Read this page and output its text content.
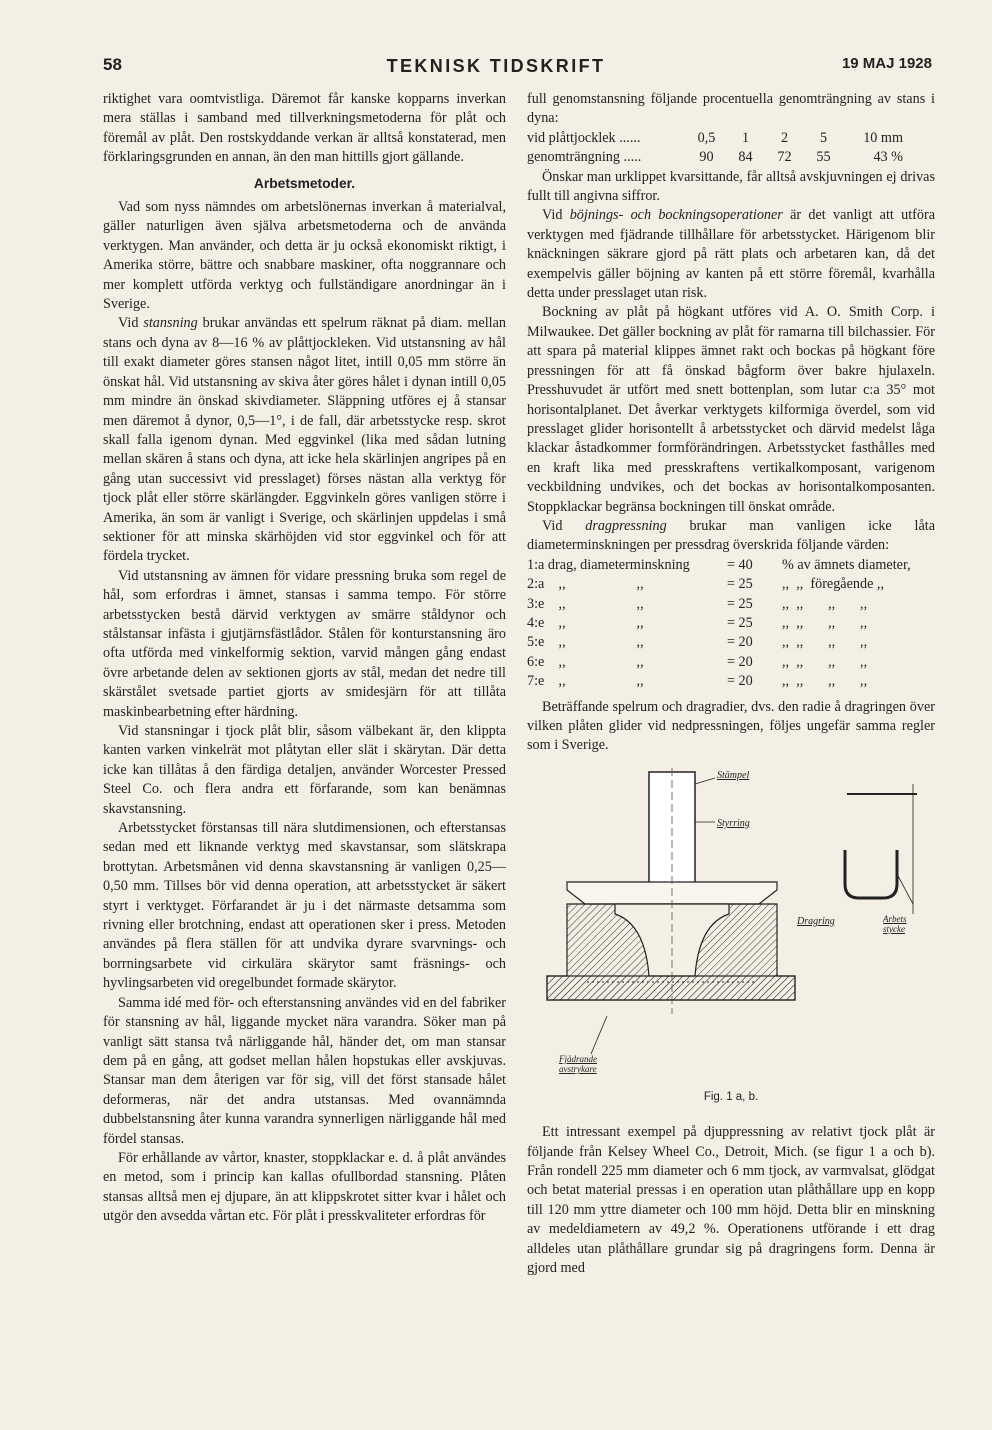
58	TEKNISK TIDSKRIFT	19 MAJ 1928

riktighet vara oomtvistliga. Däremot får kanske kopparns inverkan mera ställas i samband med tillverkningsmetoderna för plåt och föremål av plåt. Den rostskyddande verkan är alltså konstaterad, men förklaringsgrunden en annan, än den man hittills gjort gällande.

Arbetsmetoder.

Vad som nyss nämndes om arbetslönernas inverkan å materialval, gäller naturligen även själva arbetsmetoderna och de använda verktygen. Man använder, och detta är ju också ekonomiskt riktigt, i Amerika större, bättre och snabbare maskiner, ofta noggrannare och mer komplett utförda verktyg och fullständigare anordningar än i Sverige.

Vid stansning brukar användas ett spelrum räknat på diam. mellan stans och dyna av 8—16 % av plåttjockleken. Vid utstansning av hål till exakt diameter göres stansen något litet, intill 0,05 mm större än önskat hål. Vid utstansning av skiva åter göres hålet i dynan intill 0,05 mm mindre än önskad skivdiameter. Släppning utföres ej å stansar men däremot å dynor, 0,5—1°, i de fall, där arbetsstycke resp. skrot skall falla igenom dynan. Med eggvinkel (lika med sådan lutning mellan skären å stans och dyna, att icke hela skärlinjen angripes på en gång utan successivt vid presslaget) förses nästan alla verktyg för tjock plåt eller större skärlängder. Eggvinkeln göres vanligen större i Amerika, än som är vanligt i Sverige, och skärlinjen uppdelas i små sektioner för att minska skärhöjden vid stor eggvinkel och för att fördela trycket.

Vid utstansning av ämnen för vidare pressning bruka som regel de hål, som erfordras i ämnet, stansas i samma tempo. För större arbetsstycken bestå därvid verktygen av smärre ståldynor och stålstansar infästa i gjutjärnsfästlådor. Stålen för konturstansning äro ofta utförda med vinkelformig sektion, varvid mången gång endast övre arbetande delen av sektionen gjorts av stål, medan det nedre till skärstålet svetsade partiet gjorts av smidesjärn för att tillåta maskinbearbetning efter härdning.

Vid stansningar i tjock plåt blir, såsom välbekant är, den klippta kanten varken vinkelrät mot plåtytan eller slät i skärytan. Där detta icke kan tillåtas å den färdiga detaljen, använder Worcester Pressed Steel Co. och flera andra ett förfarande, som kan benämnas skavstansning.

Arbetsstycket förstansas till nära slutdimensionen, och efterstansas sedan med ett liknande verktyg med skavstansar, som slätskrapa brottytan. Arbetsmånen vid denna skavstansning är vanligen 0,25—0,50 mm. Tillses bör vid denna operation, att arbetsstycket är säkert styrt i verktyget. Förfarandet är ju i det närmaste detsamma som rivning eller brotchning, endast att operationen sker i press. Metoden användes på flera ställen för att undvika dyrare svarvnings- och borrningsarbete vid cirkulära skärytor samt fräsnings- och hyvlingsarbeten vid oregelbundet formade skärytor.

Samma idé med för- och efterstansning användes vid en del fabriker för stansning av hål, liggande mycket nära varandra. Söker man på vanligt sätt stansa två närliggande hål, händer det, om man stansar dem på en gång, att godset mellan hålen hopstukas eller avskjuvas. Stansar man dem återigen var för sig, vill det först stansade hålet deformeras, när det andra utstansas. Med ovannämnda dubbelstansning åter kunna varandra synnerligen närliggande hål med fördel stansas.

För erhållande av vårtor, knaster, stoppklackar e. d. å plåt användes en metod, som i princip kan kallas ofullbordad stansning. Plåten stansas alltså men ej djupare, än att klippskrotet sitter kvar i hålet och utgör den avsedda vårtan etc. För plåt i presskvaliteter erfordras för

full genomstansning följande procentuella genomträngning av stans i dyna:

vid plåttjocklek ......	0,5	1	2	5	10 mm
genomträngning .....	90	84	72	55	43 %

Önskar man urklippet kvarsittande, får alltså avskjuvningen ej drivas fullt till angivna siffror.

Vid böjnings- och bockningsoperationer är det vanligt att utföra verktygen med fjädrande tillhållare för arbetsstycket. Härigenom blir knäckningen säkrare gjord på rätt plats och arbetaren kan, då det exempelvis gäller böjning av kanten på ett större föremål, kvarhålla detta under presslaget utan risk.

Bockning av plåt på högkant utföres vid A. O. Smith Corp. i Milwaukee. Det gäller bockning av plåt för ramarna till bilchassier. För att spara på material klippes ämnet rakt och bockas på högkant före pressningen för att få önskad bågform över bakre hjulaxeln. Presshuvudet är utfört med snett bottenplan, som lutar c:a 35° mot horisontalplanet. Det åverkar verktygets kilformiga överdel, som vid presslaget glider horisontellt å arbetsstycket och därvid medelst låga klackar åstadkommer formförändringen. Arbetsstycket fasthålles med en kraft lika med presskraftens vertikalkomposant, varigenom veckbildning undvikes, och det bockas av horisontalkomposanten. Stoppklackar begränsa bockningen till önskat område.

Vid dragpressning brukar man vanligen icke låta diameterminskningen per pressdrag överskrida följande värden:

1:a drag, diameterminskning	= 40	% av ämnets diameter,
2:a    ,,                    ,,	= 25	,,  ,,  föregående ,,
3:e    ,,                    ,,	= 25	,,  ,,       ,,       ,,
4:e    ,,                    ,,	= 25	,,  ,,       ,,       ,,
5:e    ,,                    ,,	= 20	,,  ,,       ,,       ,,
6:e    ,,                    ,,	= 20	,,  ,,       ,,       ,,
7:e    ,,                    ,,	= 20	,,  ,,       ,,       ,,

Beträffande spelrum och dragradier, dvs. den radie å dragringen över vilken plåten glider vid nedpressningen, följes ungefär samma regler som i Sverige.

Stämpel
Styrring
Dragring	Arbets stycke
Fjädrande avstrykare
Fig. 1 a, b.

Ett intressant exempel på djuppressning av relativt tjock plåt är följande från Kelsey Wheel Co., Detroit, Mich. (se figur 1 a och b). Från rondell 225 mm diameter och 6 mm tjock, av varmvalsat, glödgat och betat material pressas i en operation utan plåthållare upp en kopp till 120 mm yttre diameter och 100 mm höjd. Detta blir en minskning av medeldiametern av 49,2 %. Operationens utförande i ett drag alldeles utan plåthållare grundar sig på dragringens form. Denna är gjord med
